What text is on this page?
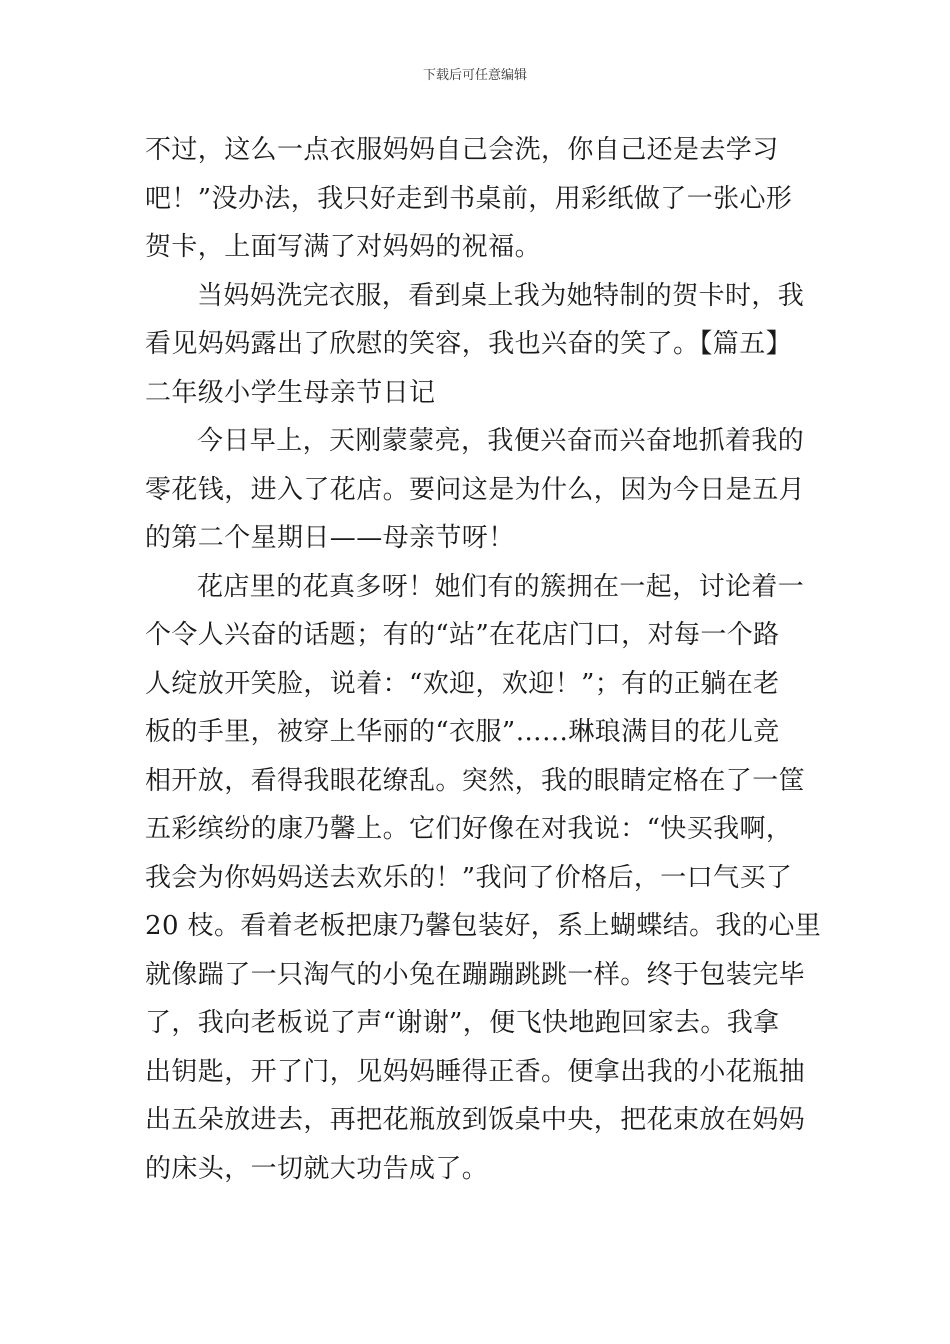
下载后可任意编辑
不过，这么一点衣服妈妈自己会洗，你自己还是去学习
吧！”没办法，我只好走到书桌前，用彩纸做了一张心形
贺卡，上面写满了对妈妈的祝福。
当妈妈洗完衣服，看到桌上我为她特制的贺卡时，我
看见妈妈露出了欣慰的笑容，我也兴奋的笑了。【篇五】
二年级小学生母亲节日记
今日早上，天刚蒙蒙亮，我便兴奋而兴奋地抓着我的
零花钱，进入了花店。要问这是为什么，因为今日是五月
的第二个星期日——母亲节呀！
花店里的花真多呀！她们有的簇拥在一起，讨论着一
个令人兴奋的话题；有的“站”在花店门口，对每一个路
人绽放开笑脸，说着：“欢迎，欢迎！”；有的正躺在老
板的手里，被穿上华丽的“衣服”……琳琅满目的花儿竞
相开放，看得我眼花缭乱。突然，我的眼睛定格在了一筐
五彩缤纷的康乃馨上。它们好像在对我说：“快买我啊，
我会为你妈妈送去欢乐的！”我问了价格后，一口气买了
20 枝。看着老板把康乃馨包装好，系上蝴蝶结。我的心里
就像踹了一只淘气的小兔在蹦蹦跳跳一样。终于包装完毕
了，我向老板说了声“谢谢”，便飞快地跑回家去。我拿
出钥匙，开了门，见妈妈睡得正香。便拿出我的小花瓶抽
出五朵放进去，再把花瓶放到饭桌中央，把花束放在妈妈
的床头，一切就大功告成了。
